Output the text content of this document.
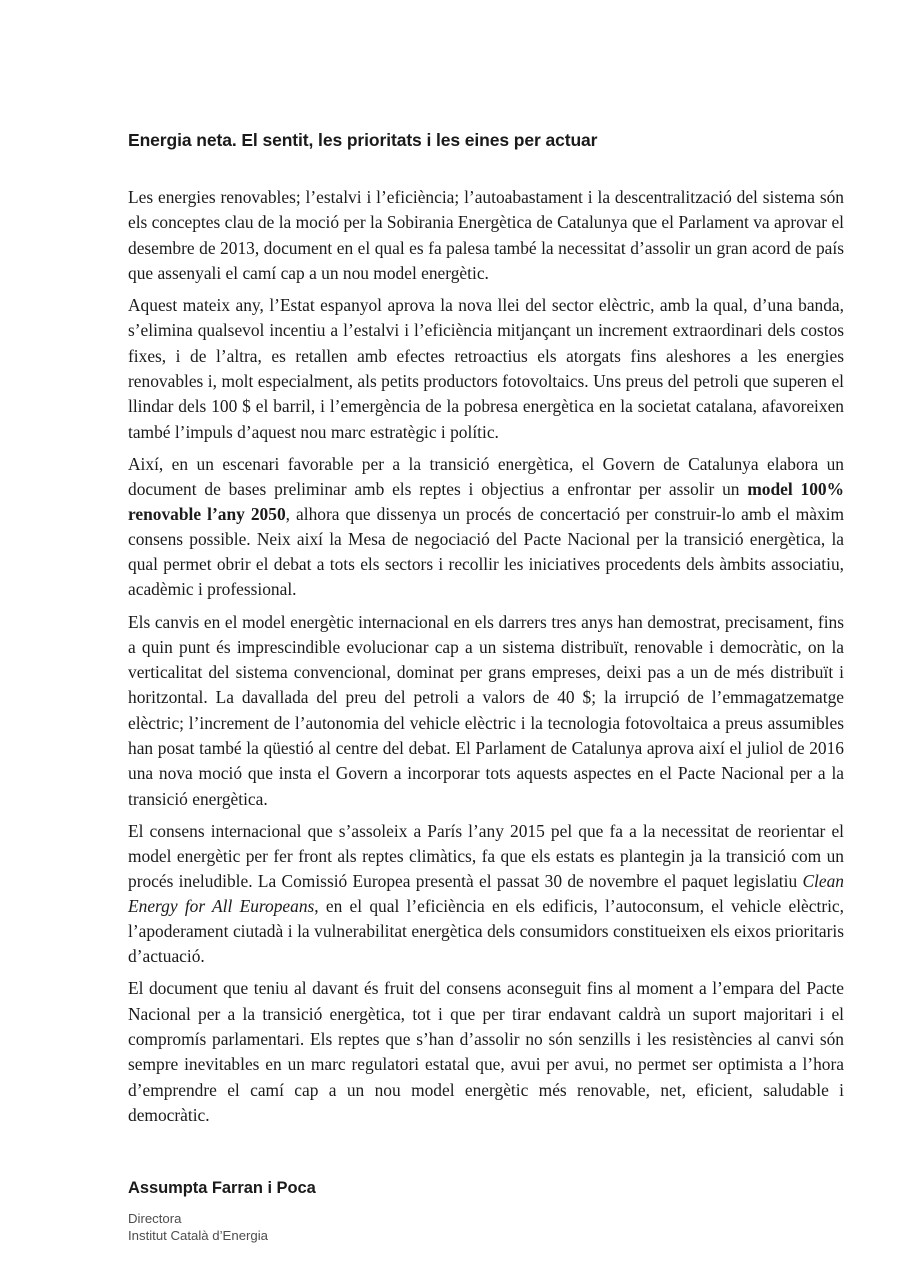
Energia neta. El sentit, les prioritats i les eines per actuar

Les energies renovables; l’estalvi i l’eficiència; l’autoabastament i la descentralització del sistema són els conceptes clau de la moció per la Sobirania Energètica de Catalunya que el Parlament va aprovar el desembre de 2013, document en el qual es fa palesa també la necessitat d’assolir un gran acord de país que assenyali el camí cap a un nou model energètic.

Aquest mateix any, l’Estat espanyol aprova la nova llei del sector elèctric, amb la qual, d’una banda, s’elimina qualsevol incentiu a l’estalvi i l’eficiència mitjançant un increment extraordinari dels costos fixes, i de l’altra, es retallen amb efectes retroactius els atorgats fins aleshores a les energies renovables i, molt especialment, als petits productors fotovoltaics. Uns preus del petroli que superen el llindar dels 100 $ el barril, i l’emergència de la pobresa energètica en la societat catalana, afavoreixen també l’impuls d’aquest nou marc estratègic i polític.

Així, en un escenari favorable per a la transició energètica, el Govern de Catalunya elabora un document de bases preliminar amb els reptes i objectius a enfrontar per assolir un model 100% renovable l’any 2050, alhora que dissenya un procés de concertació per construir-lo amb el màxim consens possible. Neix així la Mesa de negociació del Pacte Nacional per la transició energètica, la qual permet obrir el debat a tots els sectors i recollir les iniciatives procedents dels àmbits associatiu, acadèmic i professional.

Els canvis en el model energètic internacional en els darrers tres anys han demostrat, precisament, fins a quin punt és imprescindible evolucionar cap a un sistema distribuït, renovable i democràtic, on la verticalitat del sistema convencional, dominat per grans empreses, deixi pas a un de més distribuït i horitzontal. La davallada del preu del petroli a valors de 40 $; la irrupció de l’emmagatzematge elèctric; l’increment de l’autonomia del vehicle elèctric i la tecnologia fotovoltaica a preus assumibles han posat també la qüestió al centre del debat. El Parlament de Catalunya aprova així el juliol de 2016 una nova moció que insta el Govern a incorporar tots aquests aspectes en el Pacte Nacional per a la transició energètica.

El consens internacional que s’assoleix a París l’any 2015 pel que fa a la necessitat de reorientar el model energètic per fer front als reptes climàtics, fa que els estats es plantegin ja la transició com un procés ineludible. La Comissió Europea presentà el passat 30 de novembre el paquet legislatiu Clean Energy for All Europeans, en el qual l’eficiència en els edificis, l’autoconsum, el vehicle elèctric, l’apoderament ciutadà i la vulnerabilitat energètica dels consumidors constitueixen els eixos prioritaris d’actuació.

El document que teniu al davant és fruit del consens aconseguit fins al moment a l’empara del Pacte Nacional per a la transició energètica, tot i que per tirar endavant caldrà un suport majoritari i el compromís parlamentari. Els reptes que s’han d’assolir no són senzills i les resistències al canvi són sempre inevitables en un marc regulatori estatal que, avui per avui, no permet ser optimista a l’hora d’emprendre el camí cap a un nou model energètic més renovable, net, eficient, saludable i democràtic.

Assumpta Farran i Poca

Directora

Institut Català d’Energia
